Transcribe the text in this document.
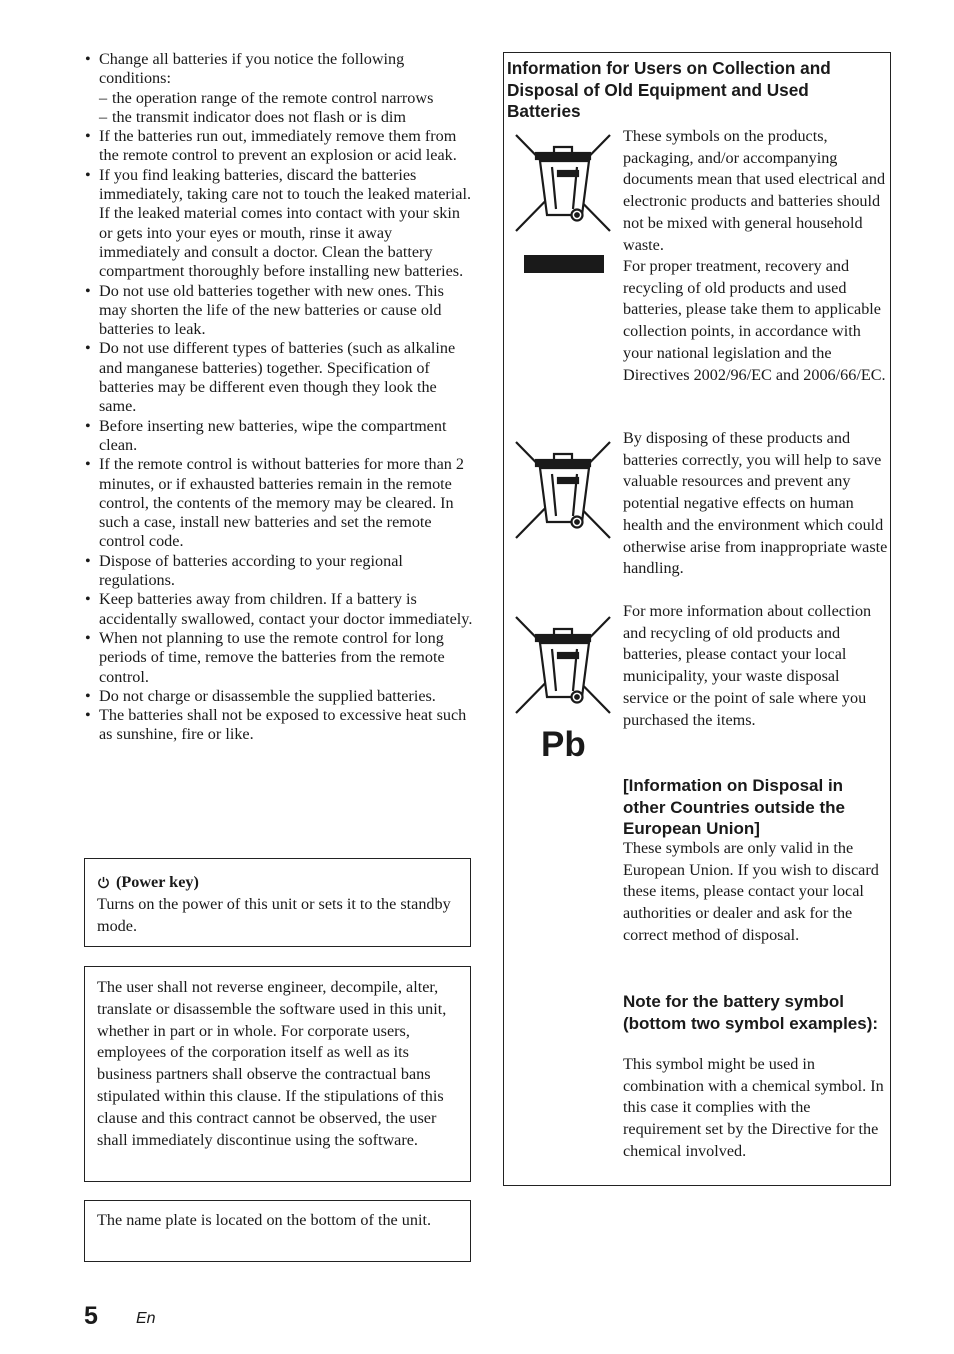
• Change all batteries if you notice the following conditions:
– the operation range of the remote control narrows
– the transmit indicator does not flash or is dim
• If the batteries run out, immediately remove them from the remote control to prevent an explosion or acid leak.
• If you find leaking batteries, discard the batteries immediately, taking care not to touch the leaked material. If the leaked material comes into contact with your skin or gets into your eyes or mouth, rinse it away immediately and consult a doctor. Clean the battery compartment thoroughly before installing new batteries.
• Do not use old batteries together with new ones. This may shorten the life of the new batteries or cause old batteries to leak.
• Do not use different types of batteries (such as alkaline and manganese batteries) together. Specification of batteries may be different even though they look the same.
• Before inserting new batteries, wipe the compartment clean.
• If the remote control is without batteries for more than 2 minutes, or if exhausted batteries remain in the remote control, the contents of the memory may be cleared. In such a case, install new batteries and set the remote control code.
• Dispose of batteries according to your regional regulations.
• Keep batteries away from children. If a battery is accidentally swallowed, contact your doctor immediately.
• When not planning to use the remote control for long periods of time, remove the batteries from the remote control.
• Do not charge or disassemble the supplied batteries.
• The batteries shall not be exposed to excessive heat such as sunshine, fire or like.
(Power key)
Turns on the power of this unit or sets it to the standby mode.
The user shall not reverse engineer, decompile, alter, translate or disassemble the software used in this unit, whether in part or in whole. For corporate users, employees of the corporation itself as well as its business partners shall observe the contractual bans stipulated within this clause. If the stipulations of this clause and this contract cannot be observed, the user shall immediately discontinue using the software.
The name plate is located on the bottom of the unit.
5 En
Information for Users on Collection and Disposal of Old Equipment and Used Batteries
Pb
These symbols on the products, packaging, and/or accompanying documents mean that used electrical and electronic products and batteries should not be mixed with general household waste.
For proper treatment, recovery and recycling of old products and used batteries, please take them to applicable collection points, in accordance with your national legislation and the Directives 2002/96/EC and 2006/66/EC.
By disposing of these products and batteries correctly, you will help to save valuable resources and prevent any potential negative effects on human health and the environment which could otherwise arise from inappropriate waste handling.
For more information about collection and recycling of old products and batteries, please contact your local municipality, your waste disposal service or the point of sale where you purchased the items.
[Information on Disposal in other Countries outside the European Union]
These symbols are only valid in the European Union. If you wish to discard these items, please contact your local authorities or dealer and ask for the correct method of disposal.
Note for the battery symbol (bottom two symbol examples):
This symbol might be used in combination with a chemical symbol. In this case it complies with the requirement set by the Directive for the chemical involved.
